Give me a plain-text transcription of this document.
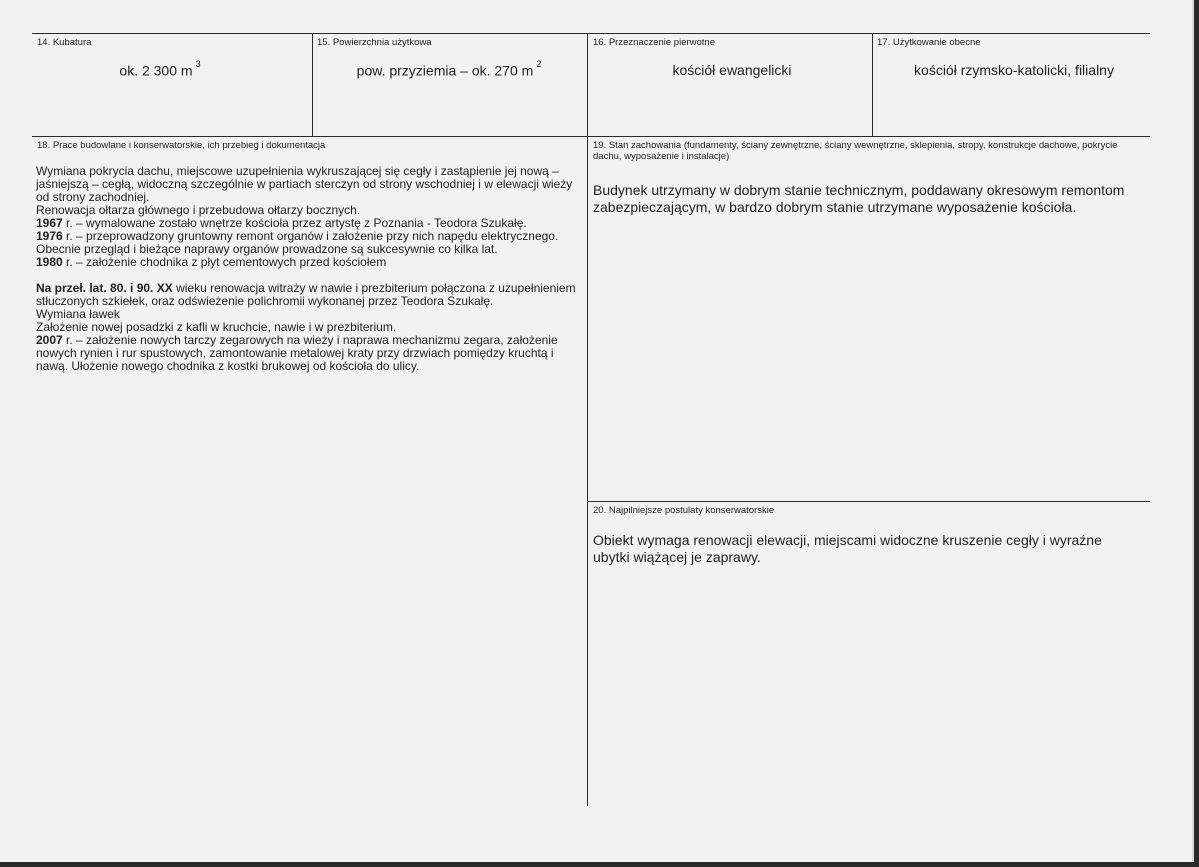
14. Kubatura
ok. 2 300 m $^3$
15. Powierzchnia użytkowa
pow. przyziemia – ok. 270 m $^2$
16. Przeznaczenie pierwotne
kościół ewangelicki
17. Użytkowanie obecne
kościół rzymsko-katolicki, filialny
18. Prace budowlane i konserwatorskie, ich przebieg i dokumentacja

Wymiana pokrycia dachu, miejscowe uzupełnienia wykruszającej się cegły i zastąpienie jej nową – jaśniejszą – cegłą, widoczną szczególnie w partiach sterczyn od strony wschodniej i w elewacji wieży od strony zachodniej.

Renowacja ołtarza głównego i przebudowa ołtarzy bocznych.

1967 r. – wymalowane zostało wnętrze kościoła przez artystę z Poznania - Teodora Szukałę.

1976 r. – przeprowadzony gruntowny remont organów i założenie przy nich napędu elektrycznego. Obecnie przegląd i bieżące naprawy organów prowadzone są sukcesywnie co kilka lat.

1980 r. – założenie chodnika z płyt cementowych przed kościołem

Na przeł. lat. 80. i 90. XX wieku renowacja witraży w nawie i prezbiterium połączona z uzupełnieniem stłuczonych szkiełek, oraz odświeżenie polichromii wykonanej przez Teodora Szukałę.

Wymiana ławek

Założenie nowej posadzki z kafli w kruchcie, nawie i w prezbiterium.

2007 r. – założenie nowych tarczy zegarowych na wieży i naprawa mechanizmu zegara, założenie nowych rynien i rur spustowych, zamontowanie metalowej kraty przy drzwiach pomiędzy kruchtą i nawą. Ułożenie nowego chodnika z kostki brukowej od kościoła do ulicy.

19. Stan zachowania (fundamenty, ściany zewnętrzne, ściany wewnętrzne, sklepienia, stropy, konstrukcje dachowe, pokrycie dachu, wyposażenie i instalacje)

Budynek utrzymany w dobrym stanie technicznym, poddawany okresowym remontom zabezpieczającym, w bardzo dobrym stanie utrzymane wyposażenie kościoła.

20. Najpilniejsze postulaty konserwatorskie

Obiekt wymaga renowacji elewacji, miejscami widoczne kruszenie cegły i wyraźne ubytki wiążącej je zaprawy.
